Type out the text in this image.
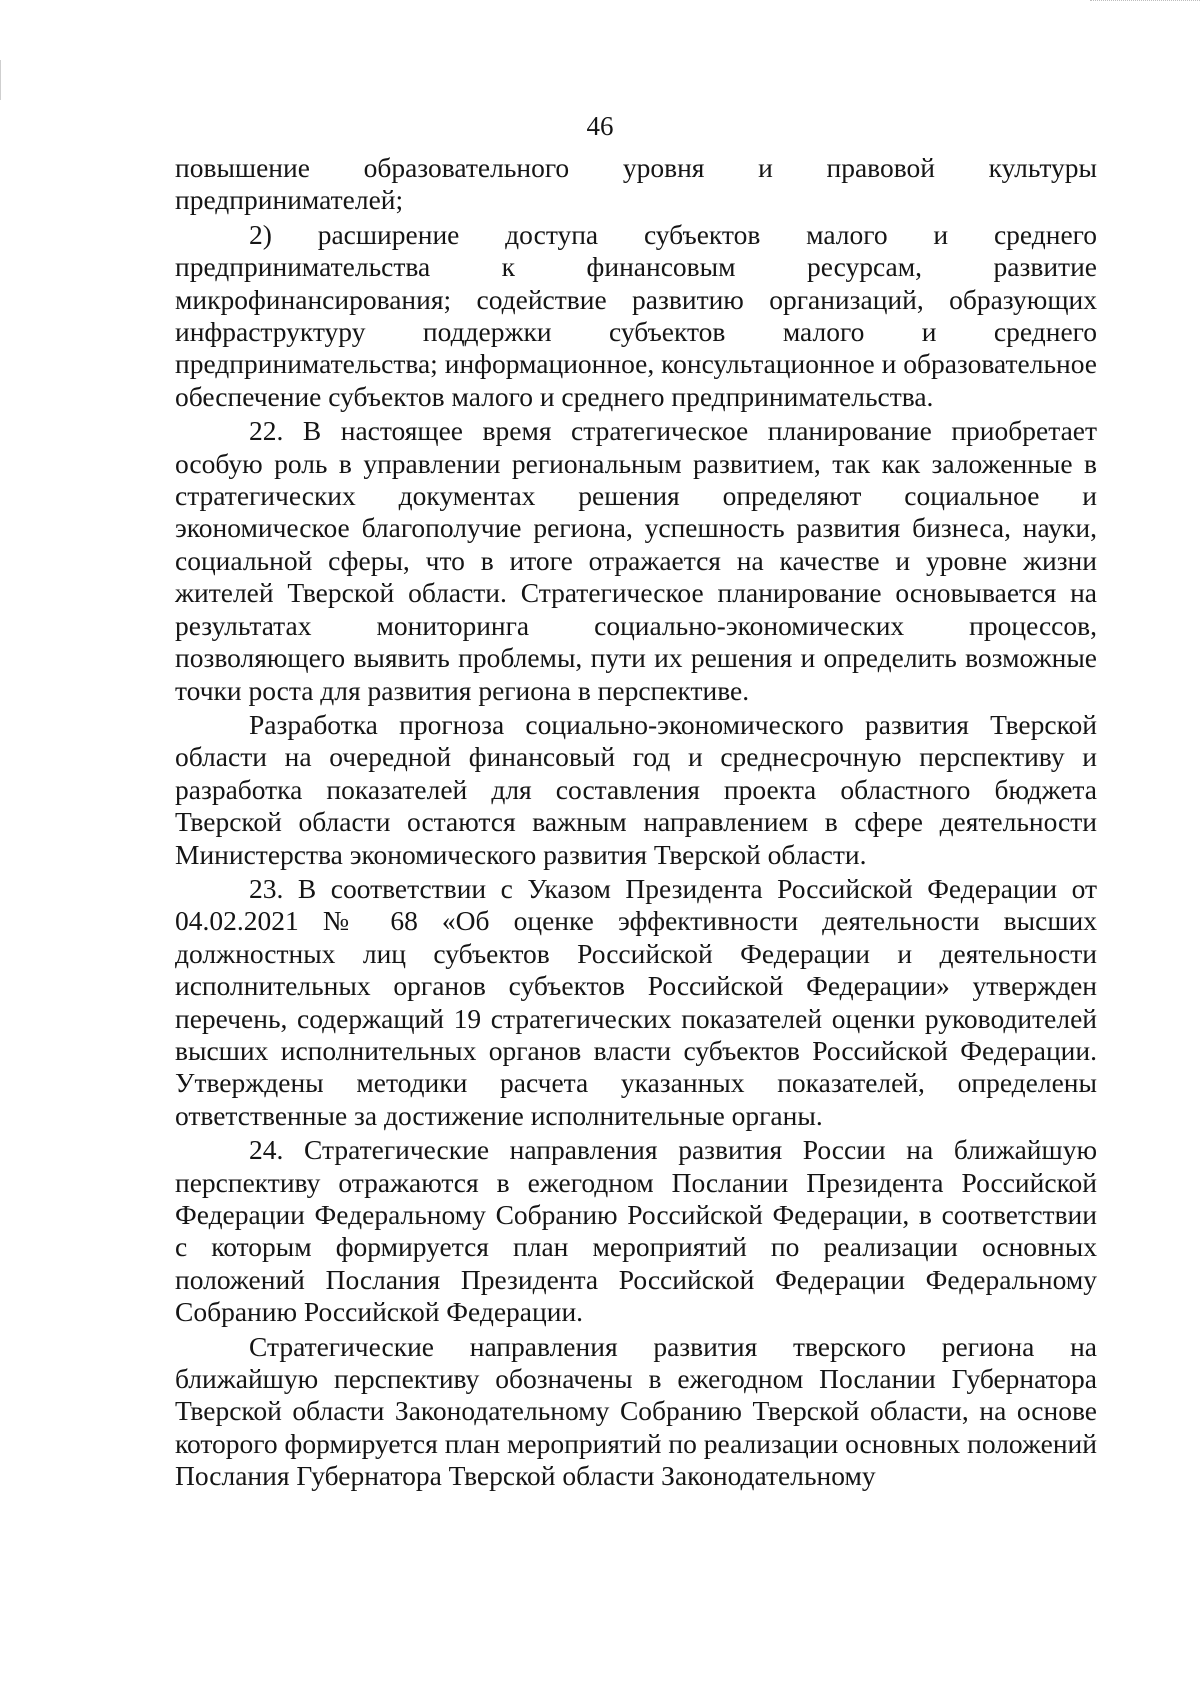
46

повышение образовательного уровня и правовой культуры предпринимателей;

2) расширение доступа субъектов малого и среднего предпринимательства к финансовым ресурсам, развитие микрофинансирования; содействие развитию организаций, образующих инфраструктуру поддержки субъектов малого и среднего предпринимательства; информационное, консультационное и образовательное обеспечение субъектов малого и среднего предпринимательства.

22. В настоящее время стратегическое планирование приобретает особую роль в управлении региональным развитием, так как заложенные в стратегических документах решения определяют социальное и экономическое благополучие региона, успешность развития бизнеса, науки, социальной сферы, что в итоге отражается на качестве и уровне жизни жителей Тверской области. Стратегическое планирование основывается на результатах мониторинга социально-экономических процессов, позволяющего выявить проблемы, пути их решения и определить возможные точки роста для развития региона в перспективе.

Разработка прогноза социально-экономического развития Тверской области на очередной финансовый год и среднесрочную перспективу и разработка показателей для составления проекта областного бюджета Тверской области остаются важным направлением в сфере деятельности Министерства экономического развития Тверской области.

23. В соответствии с Указом Президента Российской Федерации от 04.02.2021 № 68 «Об оценке эффективности деятельности высших должностных лиц субъектов Российской Федерации и деятельности исполнительных органов субъектов Российской Федерации» утвержден перечень, содержащий 19 стратегических показателей оценки руководителей высших исполнительных органов власти субъектов Российской Федерации. Утверждены методики расчета указанных показателей, определены ответственные за достижение исполнительные органы.

24. Стратегические направления развития России на ближайшую перспективу отражаются в ежегодном Послании Президента Российской Федерации Федеральному Собранию Российской Федерации, в соответствии с которым формируется план мероприятий по реализации основных положений Послания Президента Российской Федерации Федеральному Собранию Российской Федерации.

Стратегические направления развития тверского региона на ближайшую перспективу обозначены в ежегодном Послании Губернатора Тверской области Законодательному Собранию Тверской области, на основе которого формируется план мероприятий по реализации основных положений Послания Губернатора Тверской области Законодательному
